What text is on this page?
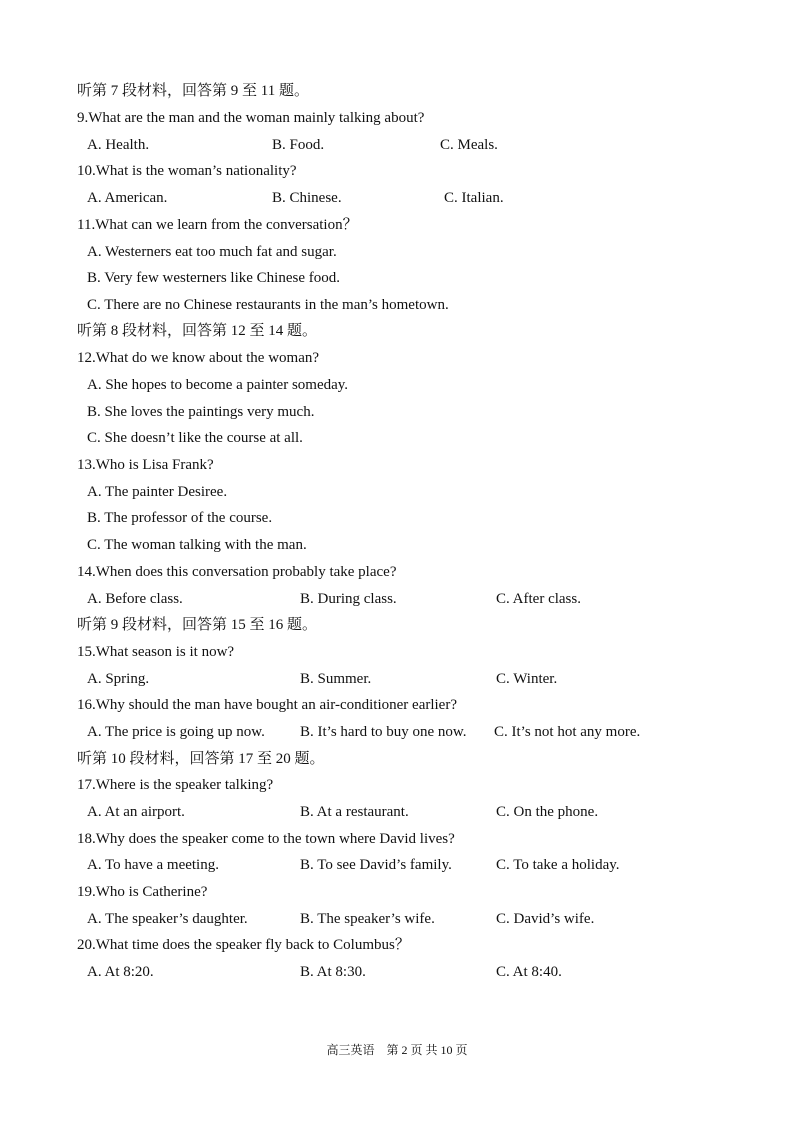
听第 7 段材料，回答第 9 至 11 题。
9.What are the man and the woman mainly talking about?
A. Health.	B. Food.	C. Meals.
10.What is the woman’s nationality?
A. American.	B. Chinese.	C. Italian.
11.What can we learn from the conversation？
A. Westerners eat too much fat and sugar.
B. Very few westerners like Chinese food.
C. There are no Chinese restaurants in the man’s hometown.
听第 8 段材料，回答第 12 至 14 题。
12.What do we know about the woman?
A. She hopes to become a painter someday.
B. She loves the paintings very much.
C. She doesn’t like the course at all.
13.Who is Lisa Frank?
A. The painter Desiree.
B. The professor of the course.
C. The woman talking with the man.
14.When does this conversation probably take place?
A. Before class.	B. During class.	C. After class.
听第 9 段材料，回答第 15 至 16 题。
15.What season is it now?
A. Spring.	B. Summer.	C. Winter.
16.Why should the man have bought an air-conditioner earlier?
A. The price is going up now. B. It’s hard to buy one now. C. It’s not hot any more.
听第 10 段材料，回答第 17 至 20 题。
17.Where is the speaker talking?
A. At an airport.	B. At a restaurant.	C. On the phone.
18.Why does the speaker come to the town where David lives?
A. To have a meeting.	B. To see David’s family.	C. To take a holiday.
19.Who is Catherine?
A. The speaker’s daughter.	B. The speaker’s wife.	C. David’s wife.
20.What time does the speaker fly back to Columbus？
A. At 8:20.	B. At 8:30.	C. At 8:40.
高三英语　第 2 页 共 10 页
